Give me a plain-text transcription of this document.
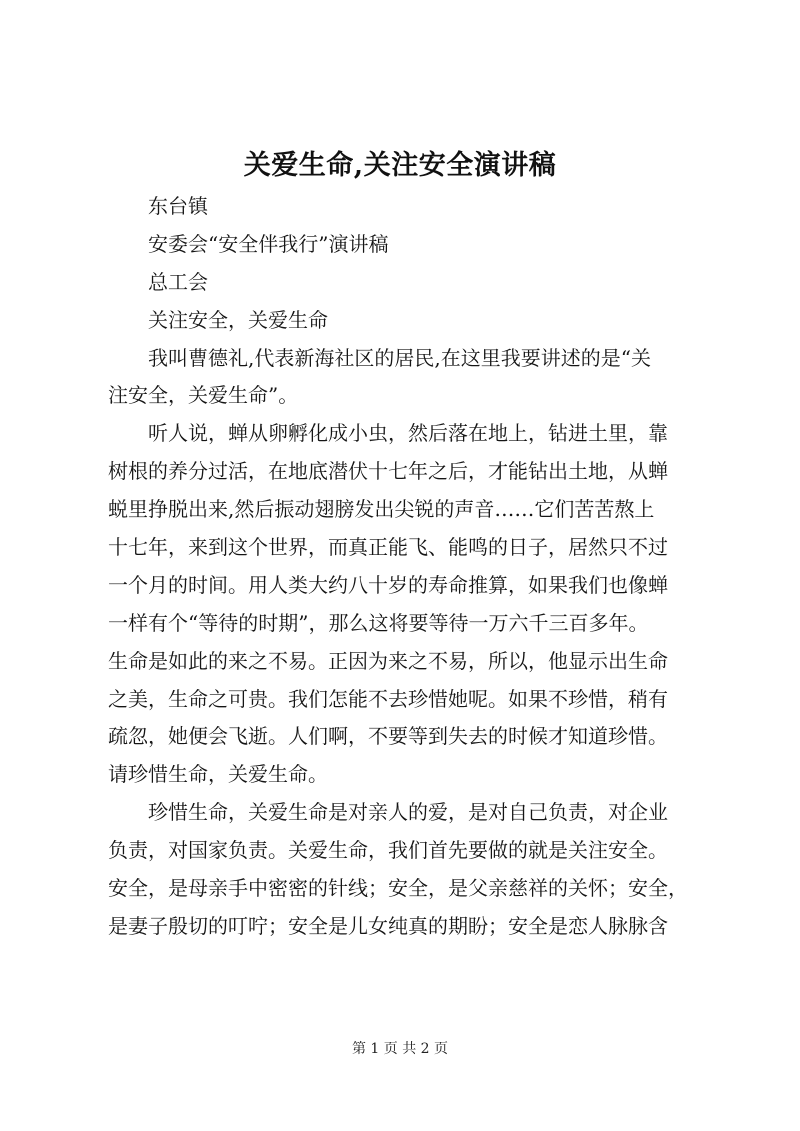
关爱生命,关注安全演讲稿
东台镇
安委会“安全伴我行”演讲稿
总工会
关注安全，关爱生命
我叫曹德礼,代表新海社区的居民,在这里我要讲述的是“关
注安全，关爱生命”。
听人说，蝉从卵孵化成小虫，然后落在地上，钻进土里，靠
树根的养分过活，在地底潜伏十七年之后，才能钻出土地，从蝉
蜕里挣脱出来,然后振动翅膀发出尖锐的声音……它们苦苦熬上
十七年，来到这个世界，而真正能飞、能鸣的日子，居然只不过
一个月的时间。用人类大约八十岁的寿命推算，如果我们也像蝉
一样有个“等待的时期”，那么这将要等待一万六千三百多年。
生命是如此的来之不易。正因为来之不易，所以，他显示出生命
之美，生命之可贵。我们怎能不去珍惜她呢。如果不珍惜，稍有
疏忽，她便会飞逝。人们啊，不要等到失去的时候才知道珍惜。
请珍惜生命，关爱生命。
珍惜生命，关爱生命是对亲人的爱，是对自己负责，对企业
负责，对国家负责。关爱生命，我们首先要做的就是关注安全。
安全，是母亲手中密密的针线；安全，是父亲慈祥的关怀；安全，
是妻子殷切的叮咛；安全是儿女纯真的期盼；安全是恋人脉脉含
第 1 页 共 2 页
